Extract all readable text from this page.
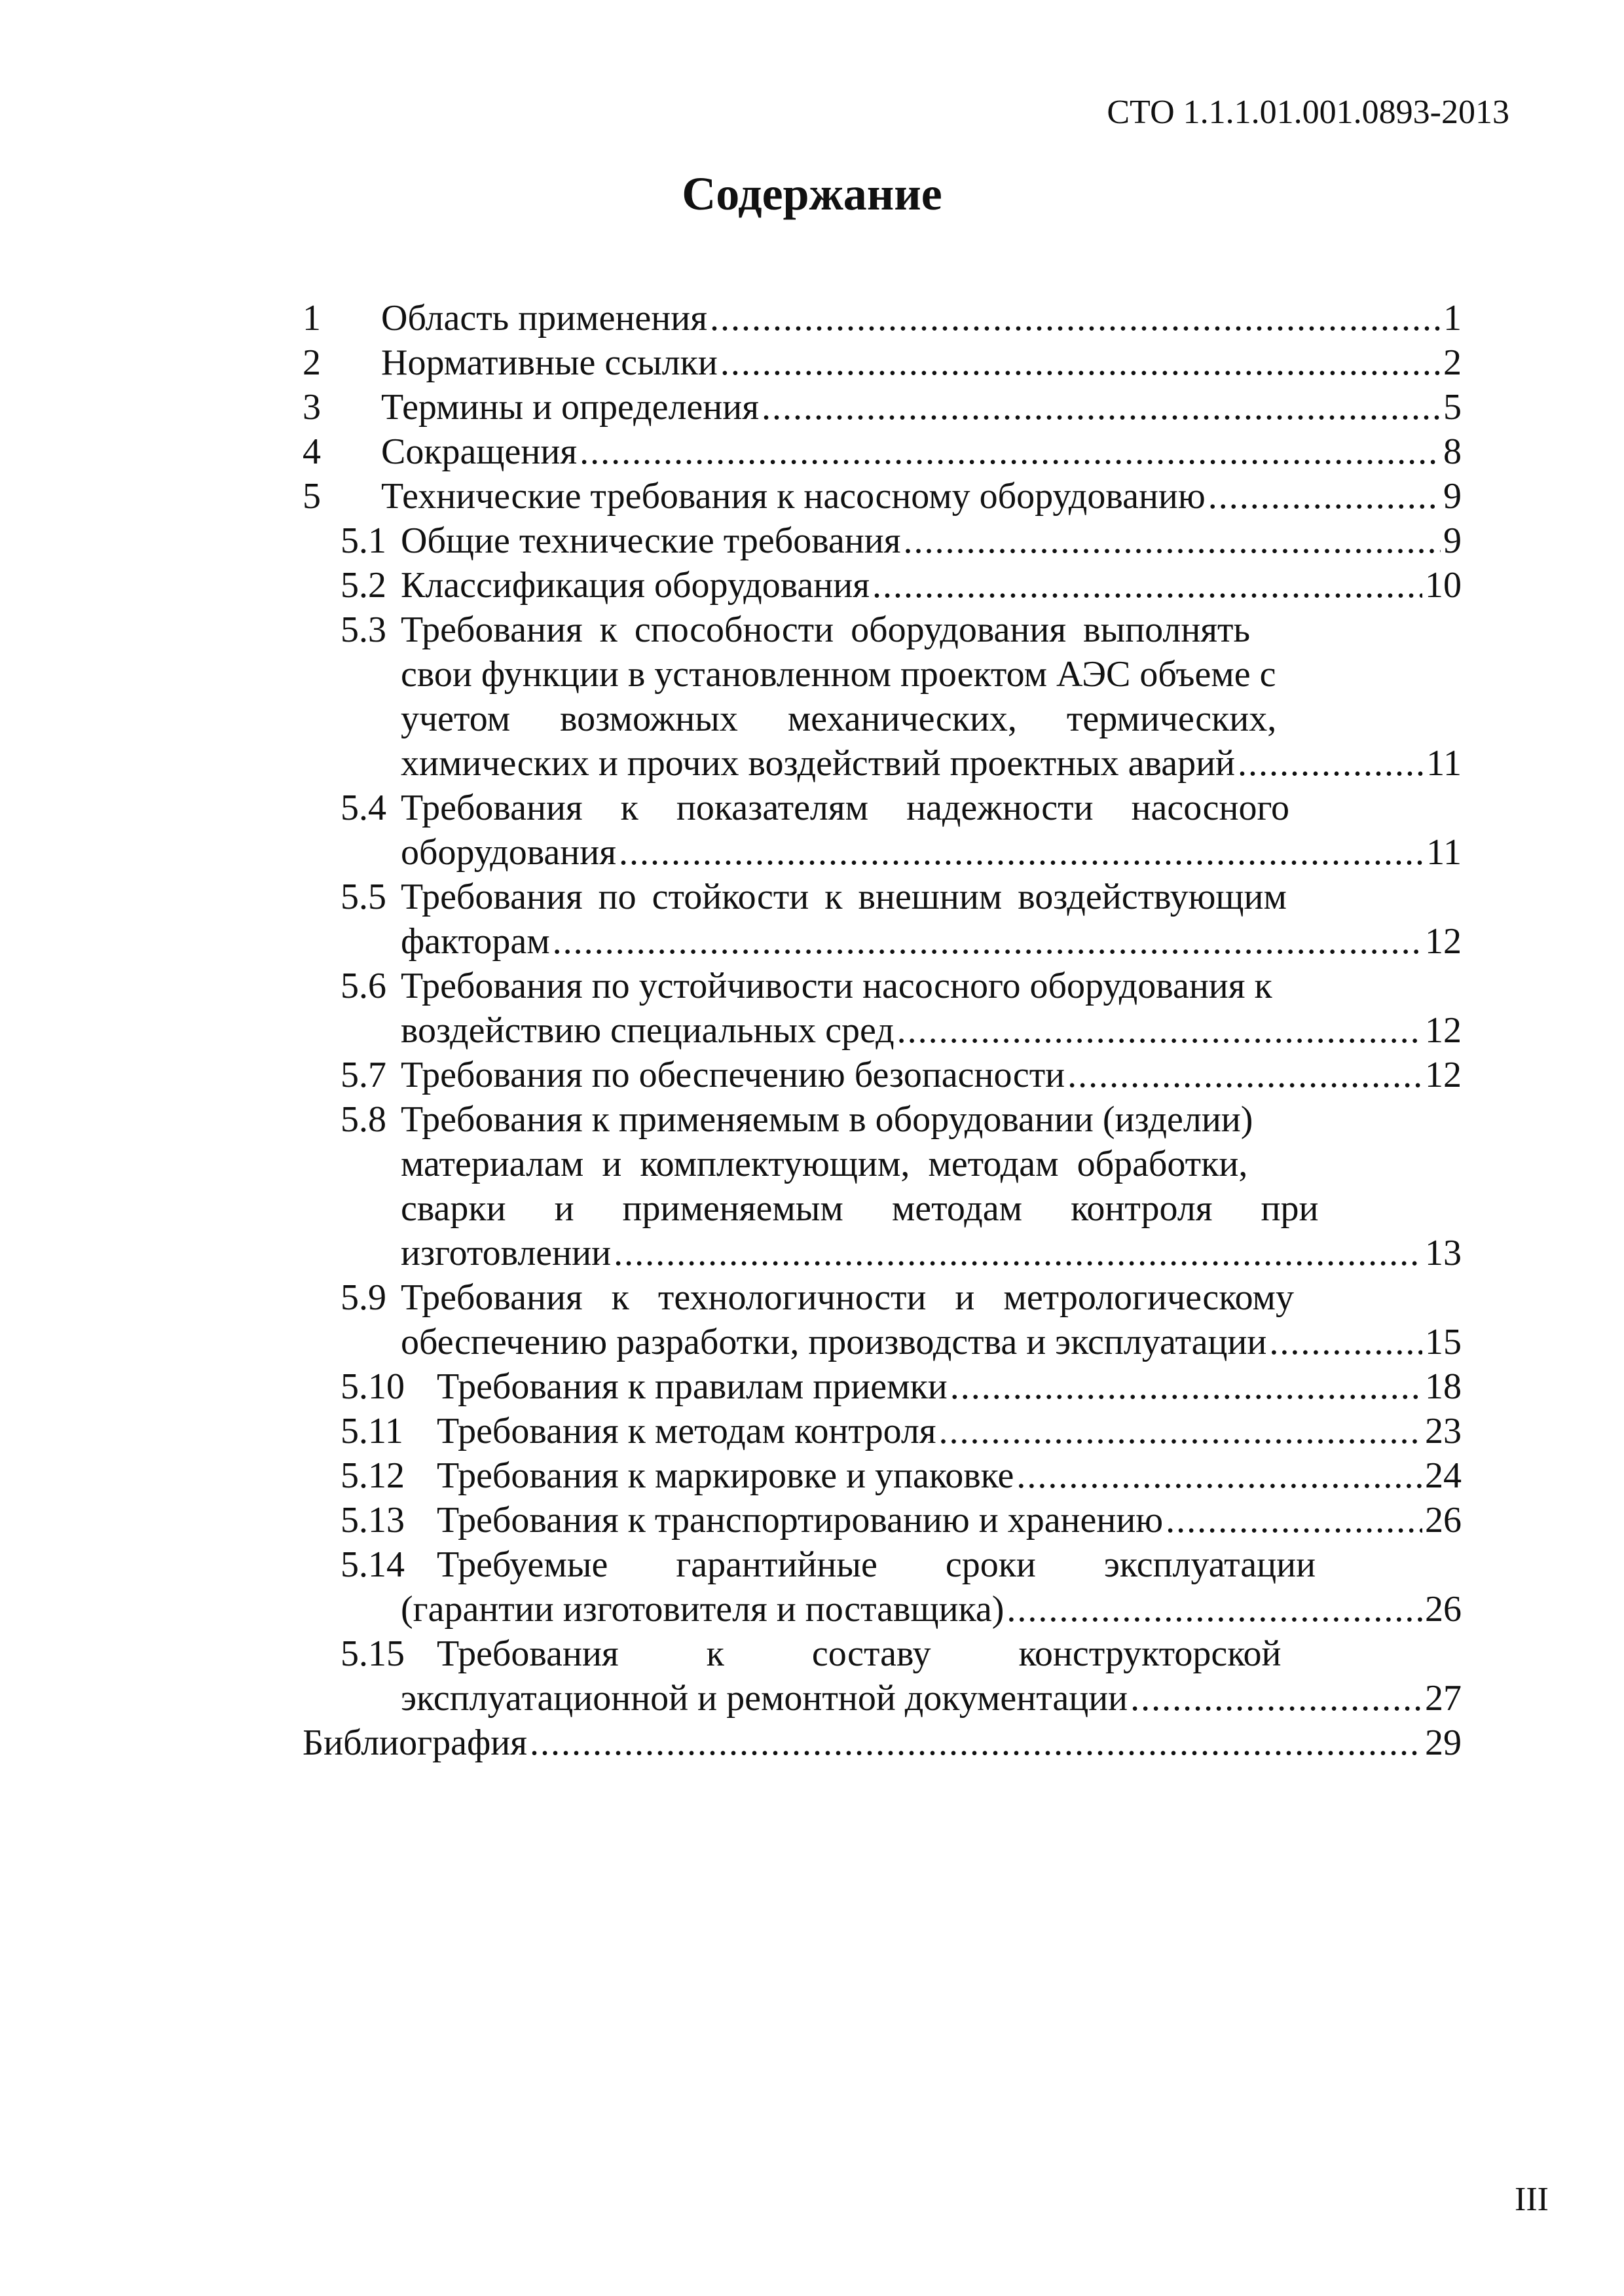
СТО 1.1.1.01.001.0893-2013
Содержание
1 Область применения .....	1
2 Нормативные ссылки .....	2
3 Термины и определения .....	5
4 Сокращения .....	8
5 Технические требования к насосному оборудованию .....	9
5.1 Общие технические требования .....	9
5.2 Классификация оборудования .....	10
5.3 Требования к способности оборудования выполнять
свои функции в установленном проектом АЭС объеме с
учетом возможных механических, термических,
химических и прочих воздействий проектных аварий .....	11
5.4 Требования к показателям надежности насосного
оборудования .....	11
5.5 Требования по стойкости к внешним воздействующим
факторам .....	12
5.6 Требования по устойчивости насосного оборудования к
воздействию специальных сред .....	12
5.7 Требования по обеспечению безопасности .....	12
5.8 Требования к применяемым в оборудовании (изделии)
материалам и комплектующим, методам обработки,
сварки и применяемым методам контроля при
изготовлении .....	13
5.9 Требования к технологичности и метрологическому
обеспечению разработки, производства и эксплуатации .....	15
5.10 Требования к правилам приемки .....	18
5.11 Требования к методам контроля .....	23
5.12 Требования к маркировке и упаковке .....	24
5.13 Требования к транспортированию и хранению .....	26
5.14 Требуемые гарантийные сроки эксплуатации
(гарантии изготовителя и поставщика) .....	26
5.15 Требования к составу конструкторской
эксплуатационной и ремонтной документации .....	27
Библиография .....	29
III
